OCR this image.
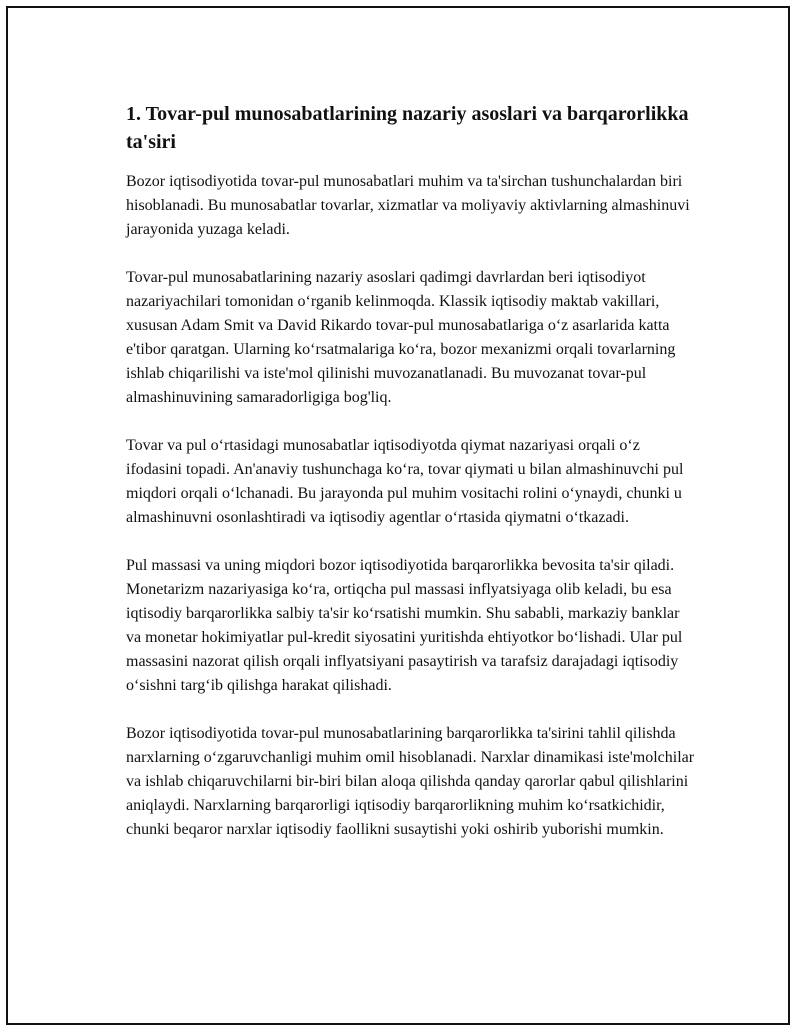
1. Tovar-pul munosabatlarining nazariy asoslari va barqarorlikka ta'siri

Bozor iqtisodiyotida tovar-pul munosabatlari muhim va ta'sirchan tushunchalardan biri hisoblanadi. Bu munosabatlar tovarlar, xizmatlar va moliyaviy aktivlarning almashinuvi jarayonida yuzaga keladi.

Tovar-pul munosabatlarining nazariy asoslari qadimgi davrlardan beri iqtisodiyot nazariyachilari tomonidan oʻrganib kelinmoqda. Klassik iqtisodiy maktab vakillari, xususan Adam Smit va David Rikardo tovar-pul munosabatlariga oʻz asarlarida katta e'tibor qaratgan. Ularning koʻrsatmalariga koʻra, bozor mexanizmi orqali tovarlarning ishlab chiqarilishi va iste'mol qilinishi muvozanatlanadi. Bu muvozanat tovar-pul almashinuvining samaradorligiga bog'liq.

Tovar va pul oʻrtasidagi munosabatlar iqtisodiyotda qiymat nazariyasi orqali oʻz ifodasini topadi. An'anaviy tushunchaga koʻra, tovar qiymati u bilan almashinuvchi pul miqdori orqali oʻlchanadi. Bu jarayonda pul muhim vositachi rolini oʻynaydi, chunki u almashinuvni osonlashtiradi va iqtisodiy agentlar oʻrtasida qiymatni oʻtkazadi.

Pul massasi va uning miqdori bozor iqtisodiyotida barqarorlikka bevosita ta'sir qiladi. Monetarizm nazariyasiga koʻra, ortiqcha pul massasi inflyatsiyaga olib keladi, bu esa iqtisodiy barqarorlikka salbiy ta'sir koʻrsatishi mumkin. Shu sababli, markaziy banklar va monetar hokimiyatlar pul-kredit siyosatini yuritishda ehtiyotkor boʻlishadi. Ular pul massasini nazorat qilish orqali inflyatsiyani pasaytirish va tarafsiz darajadagi iqtisodiy oʻsishni targʻib qilishga harakat qilishadi.

Bozor iqtisodiyotida tovar-pul munosabatlarining barqarorlikka ta'sirini tahlil qilishda narxlarning oʻzgaruvchanligi muhim omil hisoblanadi. Narxlar dinamikasi iste'molchilar va ishlab chiqaruvchilarni bir-biri bilan aloqa qilishda qanday qarorlar qabul qilishlarini aniqlaydi. Narxlarning barqarorligi iqtisodiy barqarorlikning muhim koʻrsatkichidir, chunki beqaror narxlar iqtisodiy faollikni susaytishi yoki oshirib yuborishi mumkin.
